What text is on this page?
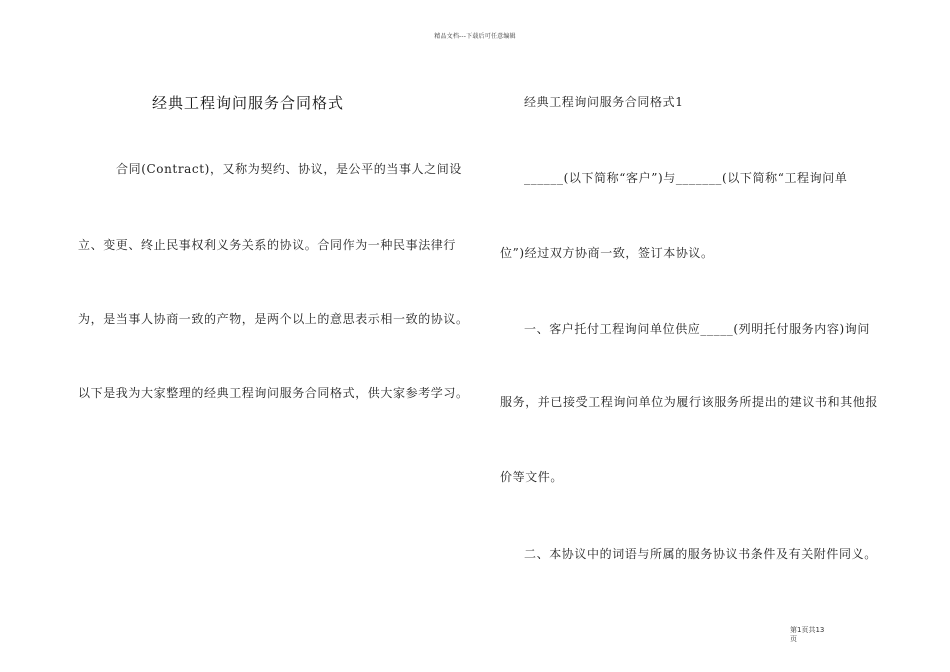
精品文档---下载后可任意编辑
经典工程询问服务合同格式
合同(Contract)，又称为契约、协议，是公平的当事人之间设
立、变更、终止民事权利义务关系的协议。合同作为一种民事法律行
为，是当事人协商一致的产物，是两个以上的意思表示相一致的协议。
以下是我为大家整理的经典工程询问服务合同格式，供大家参考学习。
经典工程询问服务合同格式1
______(以下简称“客户”)与_______(以下简称“工程询问单
位”)经过双方协商一致，签订本协议。
一、客户托付工程询问单位供应_____(列明托付服务内容)询问
服务，并已接受工程询问单位为履行该服务所提出的建议书和其他报
价等文件。
二、本协议中的词语与所属的服务协议书条件及有关附件同义。
第1页共13
页
